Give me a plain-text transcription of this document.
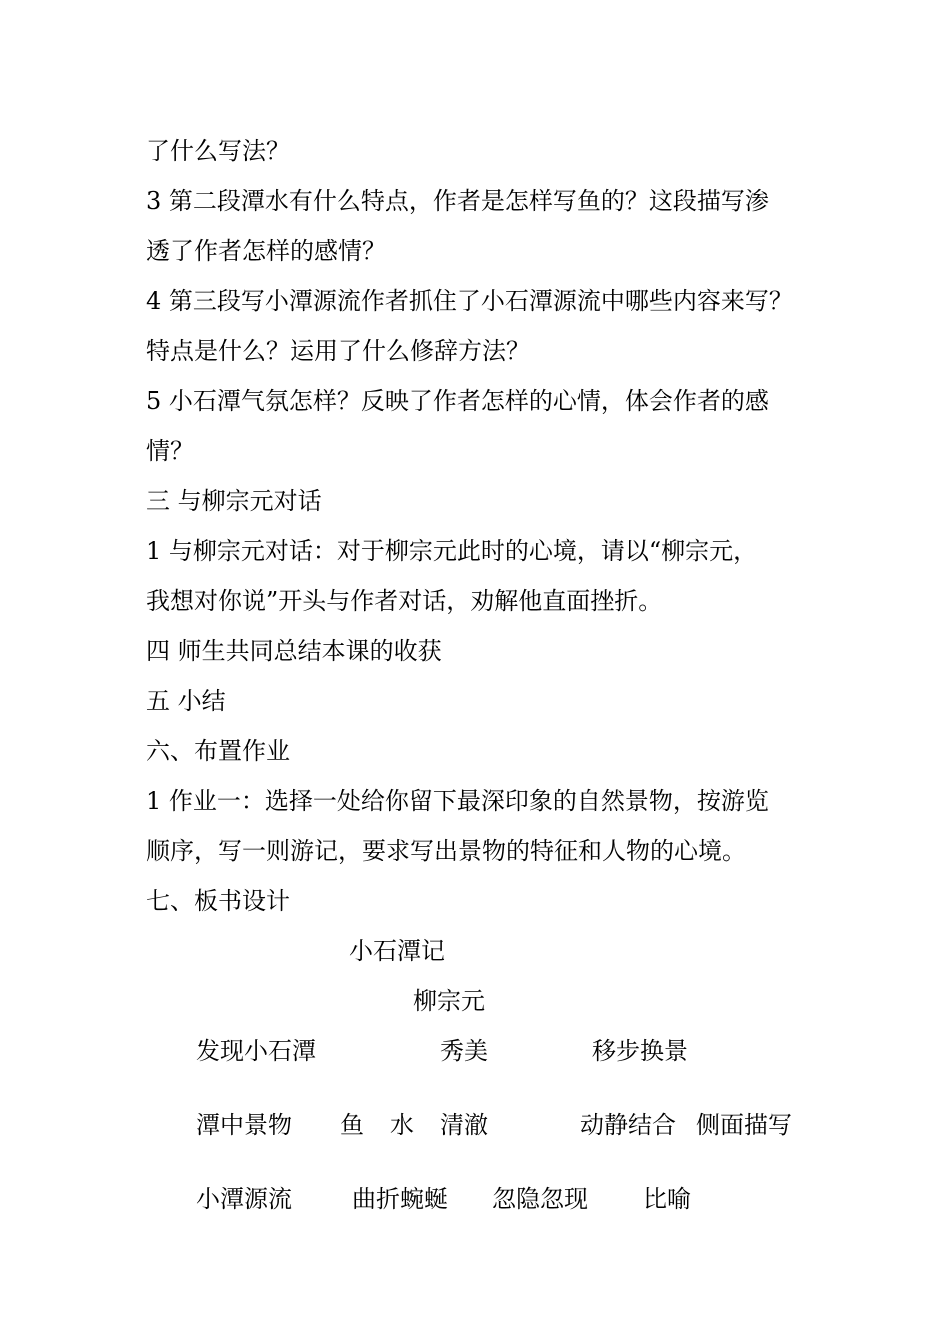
了什么写法？
3 第二段潭水有什么特点，作者是怎样写鱼的？这段描写渗
透了作者怎样的感情？
4 第三段写小潭源流作者抓住了小石潭源流中哪些内容来写？
特点是什么？运用了什么修辞方法？
5 小石潭气氛怎样？反映了作者怎样的心情，体会作者的感
情？
三 与柳宗元对话
1 与柳宗元对话：对于柳宗元此时的心境，请以“柳宗元，
我想对你说”开头与作者对话，劝解他直面挫折。
四 师生共同总结本课的收获
五 小结
六、布置作业
1 作业一：选择一处给你留下最深印象的自然景物，按游览
顺序，写一则游记，要求写出景物的特征和人物的心境。
七、板书设计
小石潭记
柳宗元
发现小石潭	秀美	移步换景
潭中景物 鱼 水 清澈	动静结合 侧面描写
小潭源流	曲折蜿蜒 忽隐忽现 比喻
